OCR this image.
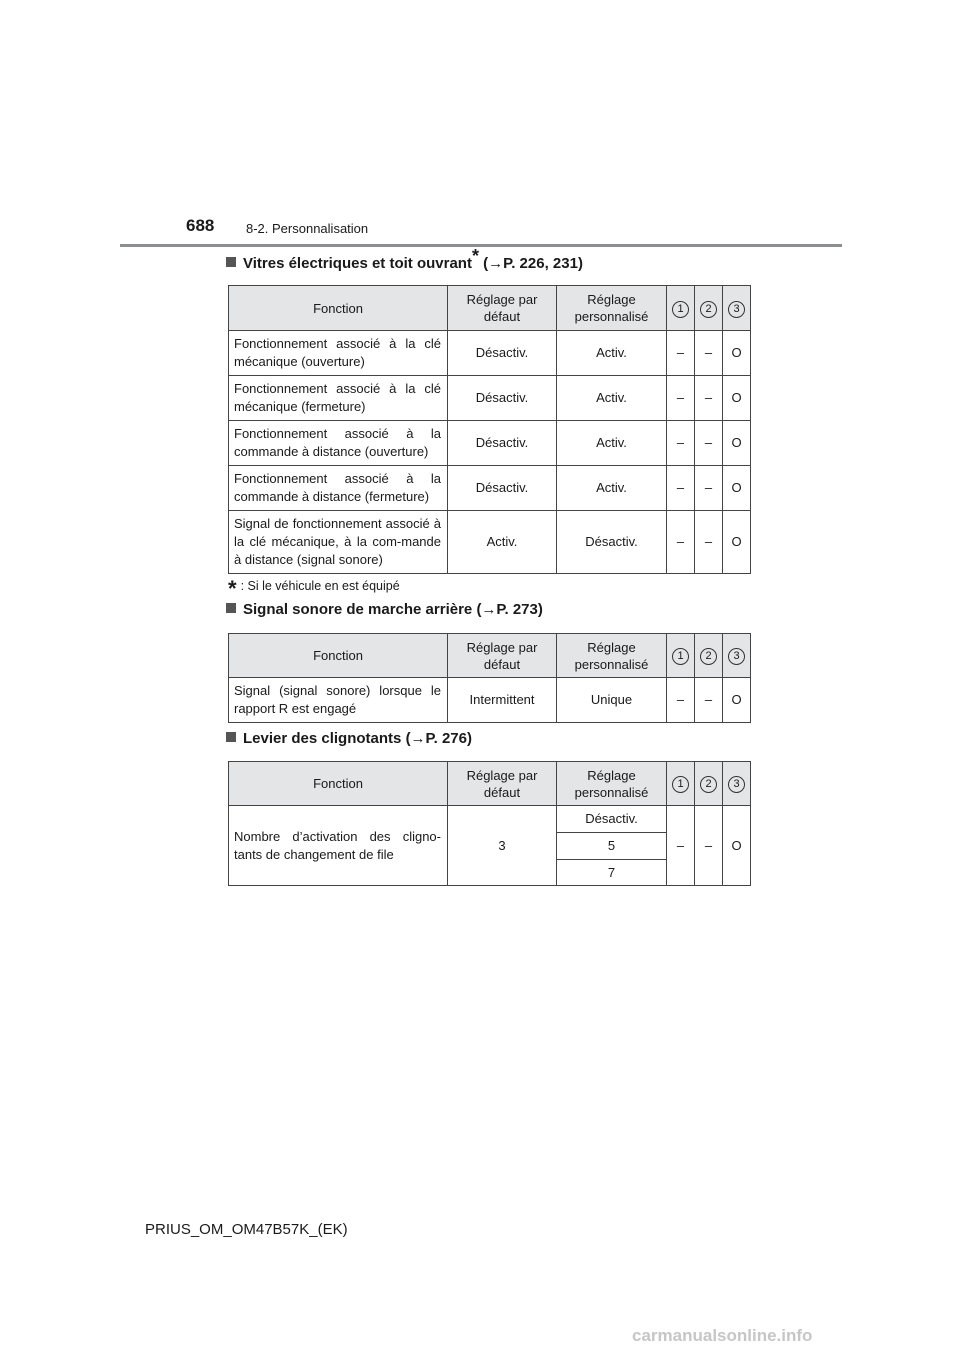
688 8-2. Personnalisation
Vitres électriques et toit ouvrant* (→P. 226, 231)
Fonction	Réglage par défaut	Réglage personnalisé	1	2	3
Fonctionnement associé à la clé mécanique (ouverture)	Désactiv.	Activ.	–	–	O
Fonctionnement associé à la clé mécanique (fermeture)	Désactiv.	Activ.	–	–	O
Fonctionnement associé à la commande à distance (ouverture)	Désactiv.	Activ.	–	–	O
Fonctionnement associé à la commande à distance (fermeture)	Désactiv.	Activ.	–	–	O
Signal de fonctionnement associé à la clé mécanique, à la com-mande à distance (signal sonore)	Activ.	Désactiv.	–	–	O
* : Si le véhicule en est équipé
Signal sonore de marche arrière (→P. 273)
Fonction	Réglage par défaut	Réglage personnalisé	1	2	3
Signal (signal sonore) lorsque le rapport R est engagé	Intermittent	Unique	–	–	O
Levier des clignotants (→P. 276)
Fonction	Réglage par défaut	Réglage personnalisé	1	2	3
Nombre d’activation des cligno-tants de changement de file	3	Désactiv.	–	–	O
		5			
		7			
PRIUS_OM_OM47B57K_(EK)
carmanualsonline.info
